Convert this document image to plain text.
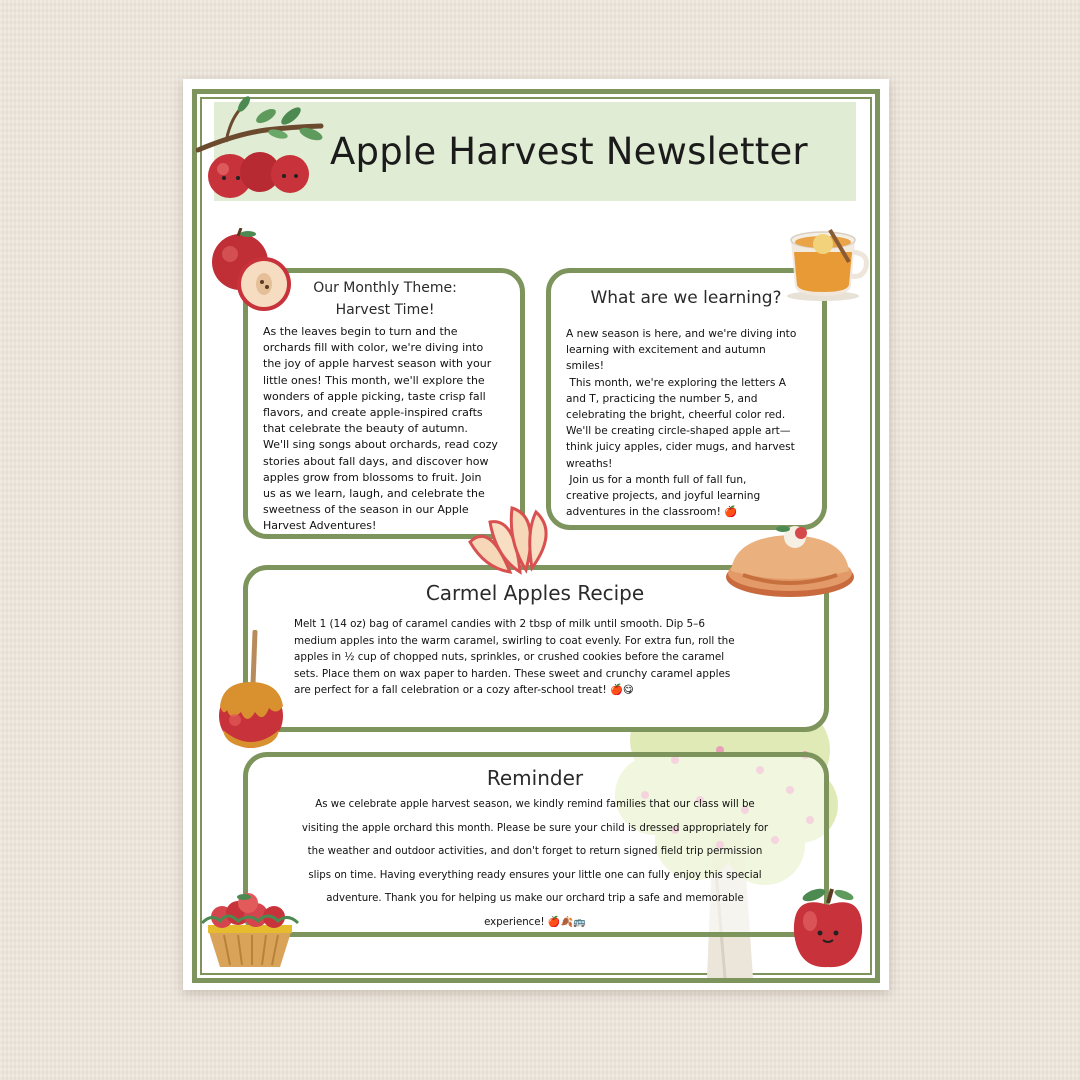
Apple Harvest Newsletter
Our Monthly Theme:
Harvest Time!
As the leaves begin to turn and the
orchards fill with color, we're diving into
the joy of apple harvest season with your
little ones! This month, we'll explore the
wonders of apple picking, taste crisp fall
flavors, and create apple-inspired crafts
that celebrate the beauty of autumn.
We'll sing songs about orchards, read cozy
stories about fall days, and discover how
apples grow from blossoms to fruit. Join
us as we learn, laugh, and celebrate the
sweetness of the season in our Apple
Harvest Adventures!
What are we learning?
A new season is here, and we're diving into
learning with excitement and autumn
smiles!
This month, we're exploring the letters A
and T, practicing the number 5, and
celebrating the bright, cheerful color red.
We'll be creating circle-shaped apple art—
think juicy apples, cider mugs, and harvest
wreaths!
Join us for a month full of fall fun,
creative projects, and joyful learning
adventures in the classroom! 🍎
Carmel Apples Recipe
Melt 1 (14 oz) bag of caramel candies with 2 tbsp of milk until smooth. Dip 5–6
medium apples into the warm caramel, swirling to coat evenly. For extra fun, roll the
apples in ½ cup of chopped nuts, sprinkles, or crushed cookies before the caramel
sets. Place them on wax paper to harden. These sweet and crunchy caramel apples
are perfect for a fall celebration or a cozy after-school treat! 🍎😋
Reminder
As we celebrate apple harvest season, we kindly remind families that our class will be
visiting the apple orchard this month. Please be sure your child is dressed appropriately for
the weather and outdoor activities, and don't forget to return signed field trip permission
slips on time. Having everything ready ensures your little one can fully enjoy this special
adventure. Thank you for helping us make our orchard trip a safe and memorable
experience! 🍎🍂🚌
